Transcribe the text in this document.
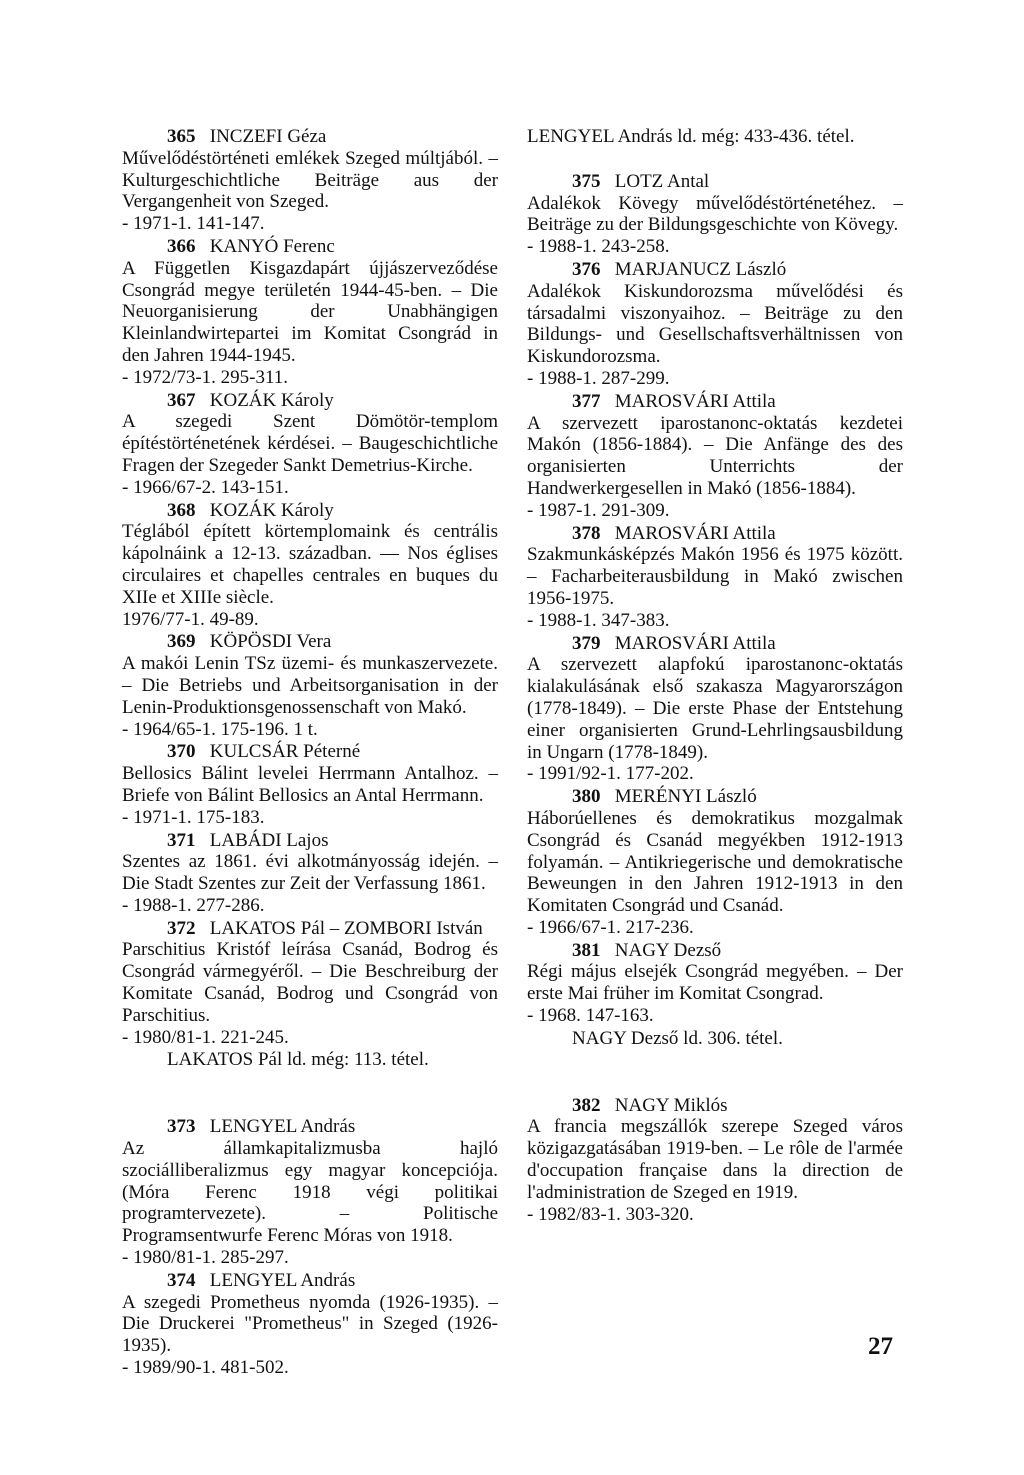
365 INCZEFI Géza
Művelődéstörténeti emlékek Szeged múltjából. – Kulturgeschichtliche Beiträge aus der Vergangenheit von Szeged.
- 1971-1. 141-147.
366 KANYÓ Ferenc
A Független Kisgazdapárt újjászerveződése Csongrád megye területén 1944-45-ben. – Die Neuorganisierung der Unabhängigen Kleinlandwirtepartei im Komitat Csongrád in den Jahren 1944-1945.
- 1972/73-1. 295-311.
367 KOZÁK Károly
A szegedi Szent Dömötör-templom építéstörténetének kérdései. – Baugeschichtliche Fragen der Szegeder Sankt Demetrius-Kirche.
- 1966/67-2. 143-151.
368 KOZÁK Károly
Téglából épített körtemplomaink és centrális kápolnáink a 12-13. században. — Nos églises circulaires et chapelles centrales en buques du XIIe et XIIIe siècle.
1976/77-1. 49-89.
369 KÖPÖSDI Vera
A makói Lenin TSz üzemi- és munkaszervezete. – Die Betriebs und Arbeitsorganisation in der Lenin-Produktionsgenossenschaft von Makó.
- 1964/65-1. 175-196. 1 t.
370 KULCSÁR Péterné
Bellosics Bálint levelei Herrmann Antalhoz. – Briefe von Bálint Bellosics an Antal Herrmann.
- 1971-1. 175-183.
371 LABÁDI Lajos
Szentes az 1861. évi alkotmányosság idején. – Die Stadt Szentes zur Zeit der Verfassung 1861.
- 1988-1. 277-286.
372 LAKATOS Pál – ZOMBORI István
Parschitius Kristóf leírása Csanád, Bodrog és Csongrád vármegyéről. – Die Beschreiburg der Komitate Csanád, Bodrog und Csongrád von Parschitius.
- 1980/81-1. 221-245.
LAKATOS Pál ld. még: 113. tétel.
373 LENGYEL András
Az államkapitalizmusba hajló szociálliberalizmus egy magyar koncepciója. (Móra Ferenc 1918 végi politikai programtervezete). – Politische Programsentwurfe Ferenc Móras von 1918.
- 1980/81-1. 285-297.
374 LENGYEL András
A szegedi Prometheus nyomda (1926-1935). – Die Druckerei "Prometheus" in Szeged (1926-1935).
- 1989/90-1. 481-502.
LENGYEL András ld. még: 433-436. tétel.
375 LOTZ Antal
Adalékok Kövegy művelődéstörténetéhez. – Beiträge zu der Bildungsgeschichte von Kövegy.
- 1988-1. 243-258.
376 MARJANUCZ László
Adalékok Kiskundorozsma művelődési és társadalmi viszonyaihoz. – Beiträge zu den Bildungs- und Gesellschaftsverhältnissen von Kiskundorozsma.
- 1988-1. 287-299.
377 MAROSVÁRI Attila
A szervezett iparostanonc-oktatás kezdetei Makón (1856-1884). – Die Anfänge des des organisierten Unterrichts der Handwerkergesellen in Makó (1856-1884).
- 1987-1. 291-309.
378 MAROSVÁRI Attila
Szakmunkásképzés Makón 1956 és 1975 között. – Facharbeiterausbildung in Makó zwischen 1956-1975.
- 1988-1. 347-383.
379 MAROSVÁRI Attila
A szervezett alapfokú iparostanonc-oktatás kialakulásának első szakasza Magyarországon (1778-1849). – Die erste Phase der Entstehung einer organisierten Grund-Lehrlingsausbildung in Ungarn (1778-1849).
- 1991/92-1. 177-202.
380 MERÉNYI László
Háborúellenes és demokratikus mozgalmak Csongrád és Csanád megyékben 1912-1913 folyamán. – Antikriegerische und demokratische Beweungen in den Jahren 1912-1913 in den Komitaten Csongrád und Csanád.
- 1966/67-1. 217-236.
381 NAGY Dezső
Régi május elsejék Csongrád megyében. – Der erste Mai früher im Komitat Csongrad.
- 1968. 147-163.
NAGY Dezső ld. 306. tétel.
382 NAGY Miklós
A francia megszállók szerepe Szeged város közigazgatásában 1919-ben. – Le rôle de l'armée d'occupation française dans la direction de l'administration de Szeged en 1919.
- 1982/83-1. 303-320.
27
